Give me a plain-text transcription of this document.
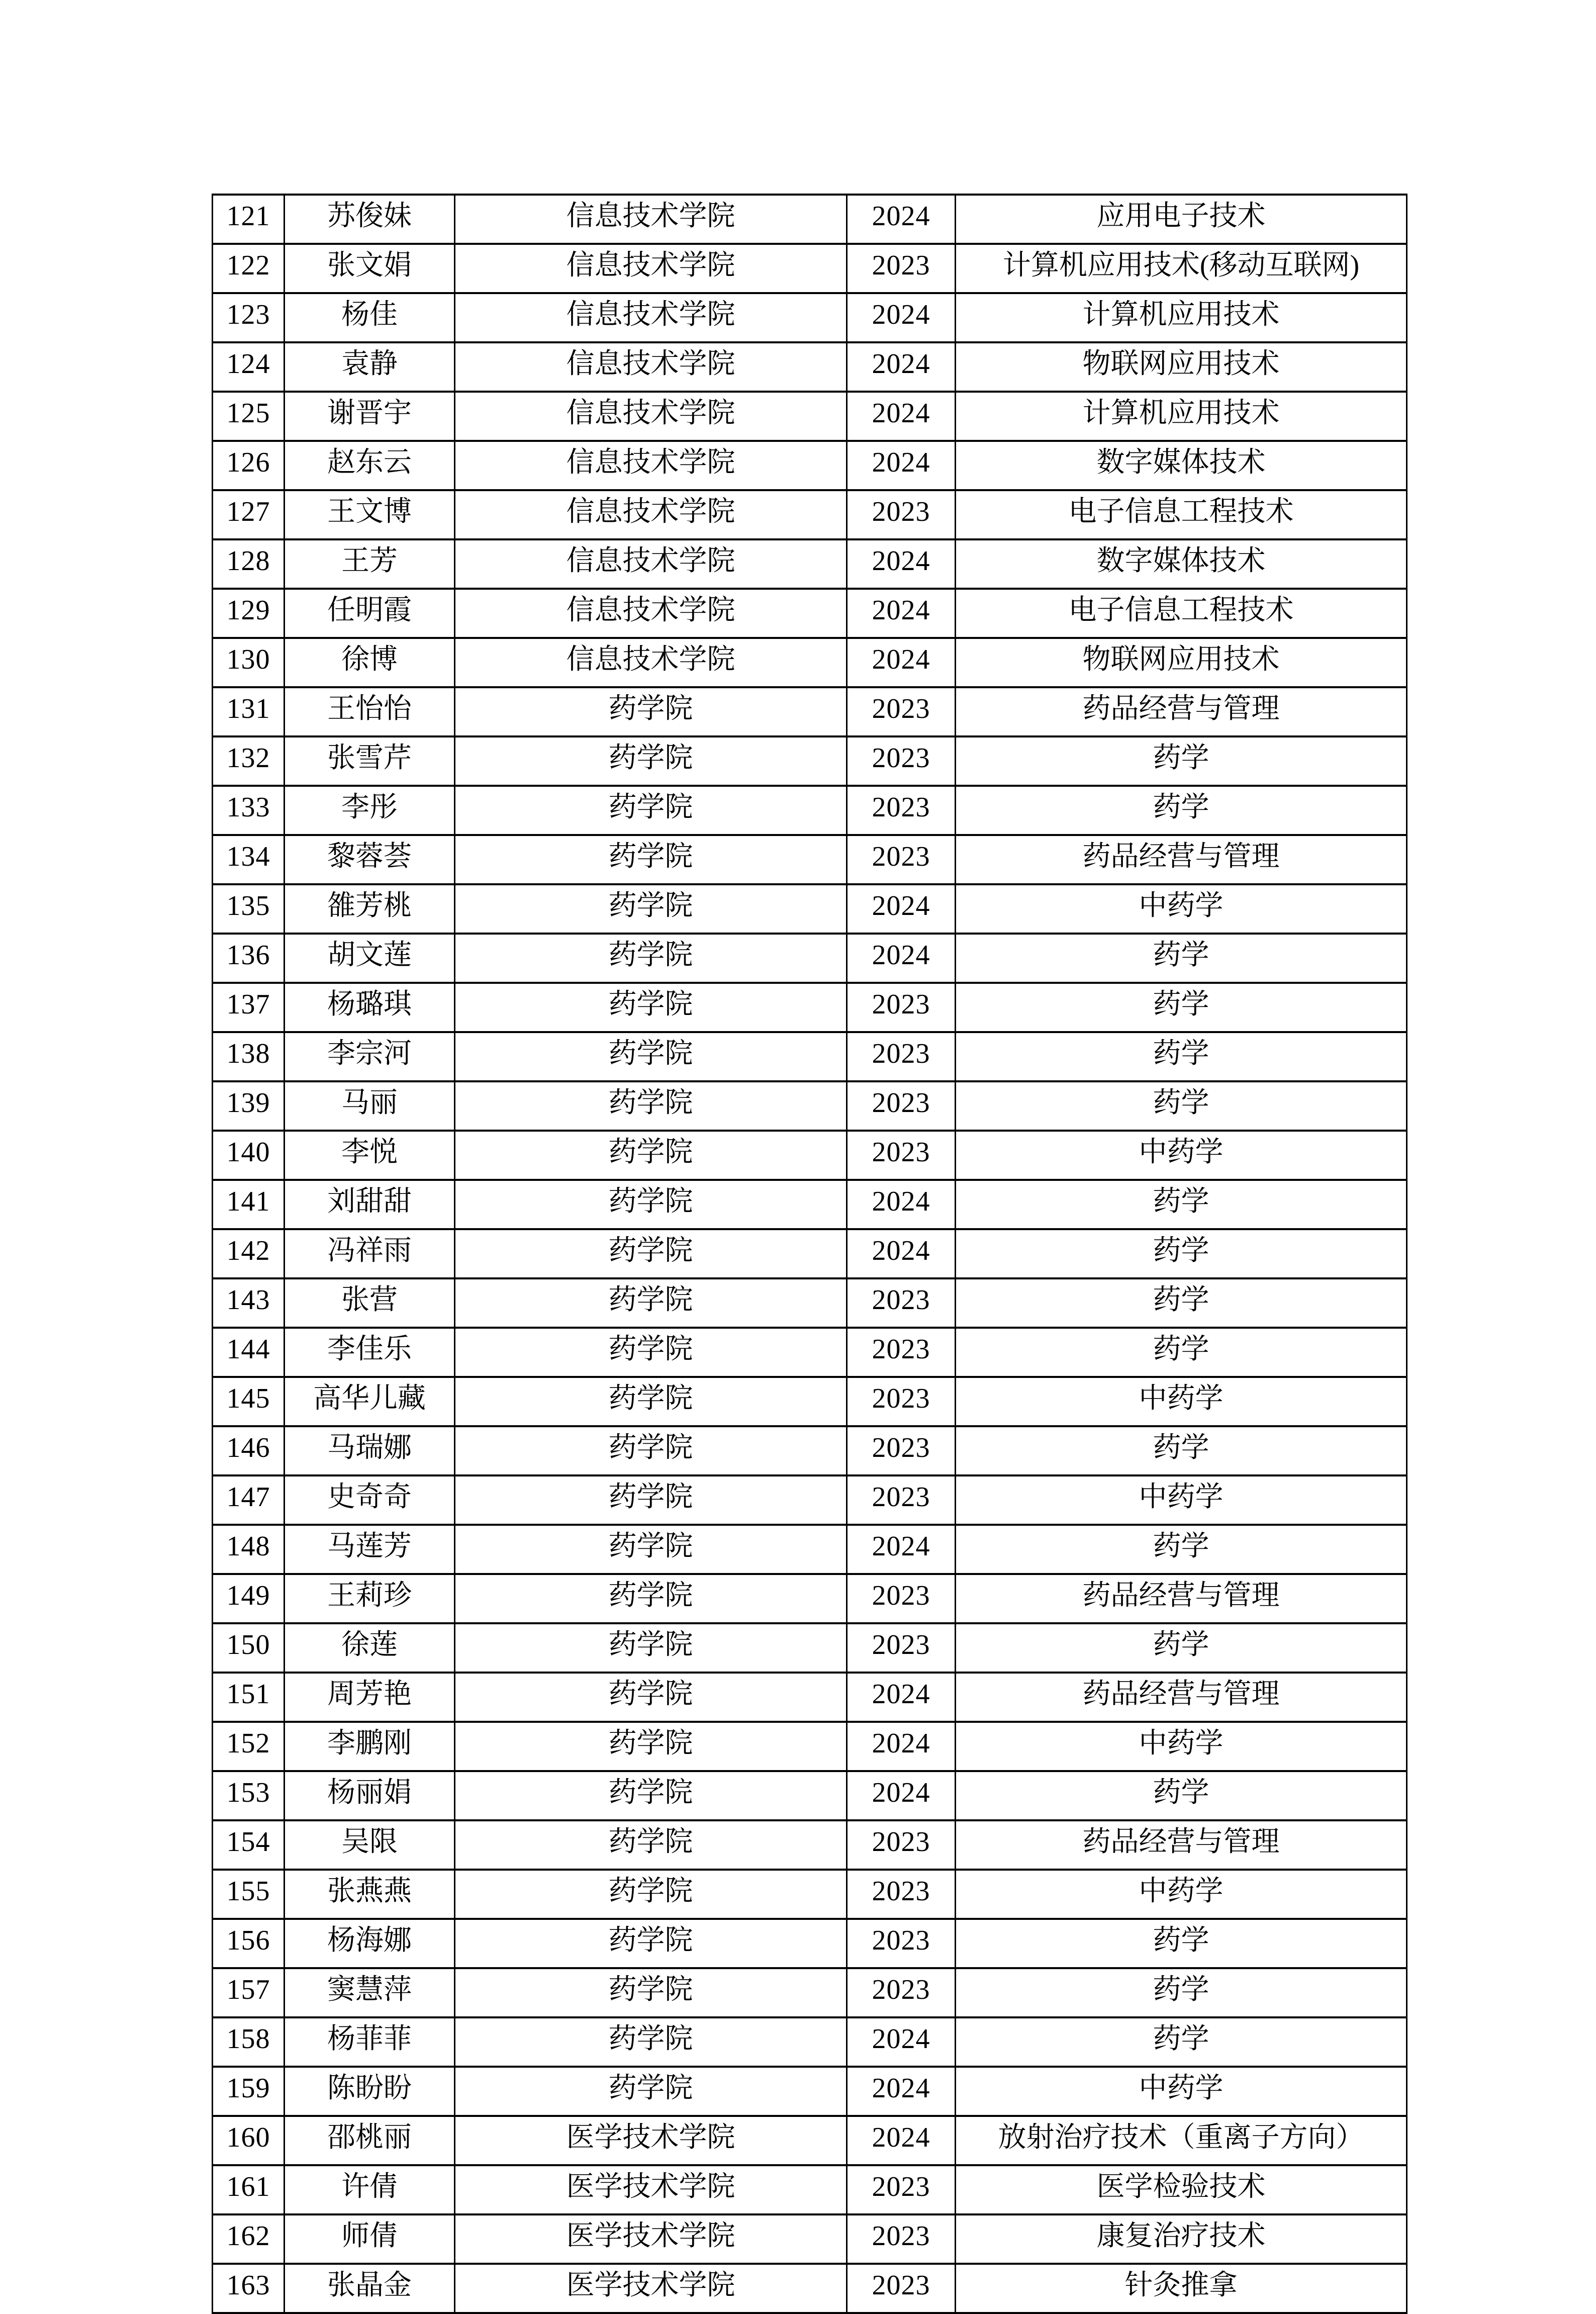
121	苏俊妹	信息技术学院	2024	应用电子技术
122	张文娟	信息技术学院	2023	计算机应用技术(移动互联网)
123	杨佳	信息技术学院	2024	计算机应用技术
124	袁静	信息技术学院	2024	物联网应用技术
125	谢晋宇	信息技术学院	2024	计算机应用技术
126	赵东云	信息技术学院	2024	数字媒体技术
127	王文博	信息技术学院	2023	电子信息工程技术
128	王芳	信息技术学院	2024	数字媒体技术
129	任明霞	信息技术学院	2024	电子信息工程技术
130	徐博	信息技术学院	2024	物联网应用技术
131	王怡怡	药学院	2023	药品经营与管理
132	张雪芹	药学院	2023	药学
133	李彤	药学院	2023	药学
134	黎蓉荟	药学院	2023	药品经营与管理
135	雒芳桃	药学院	2024	中药学
136	胡文莲	药学院	2024	药学
137	杨璐琪	药学院	2023	药学
138	李宗河	药学院	2023	药学
139	马丽	药学院	2023	药学
140	李悦	药学院	2023	中药学
141	刘甜甜	药学院	2024	药学
142	冯祥雨	药学院	2024	药学
143	张营	药学院	2023	药学
144	李佳乐	药学院	2023	药学
145	高华儿藏	药学院	2023	中药学
146	马瑞娜	药学院	2023	药学
147	史奇奇	药学院	2023	中药学
148	马莲芳	药学院	2024	药学
149	王莉珍	药学院	2023	药品经营与管理
150	徐莲	药学院	2023	药学
151	周芳艳	药学院	2024	药品经营与管理
152	李鹏刚	药学院	2024	中药学
153	杨丽娟	药学院	2024	药学
154	吴限	药学院	2023	药品经营与管理
155	张燕燕	药学院	2023	中药学
156	杨海娜	药学院	2023	药学
157	窦慧萍	药学院	2023	药学
158	杨菲菲	药学院	2024	药学
159	陈盼盼	药学院	2024	中药学
160	邵桃丽	医学技术学院	2024	放射治疗技术（重离子方向）
161	许倩	医学技术学院	2023	医学检验技术
162	师倩	医学技术学院	2023	康复治疗技术
163	张晶金	医学技术学院	2023	针灸推拿
